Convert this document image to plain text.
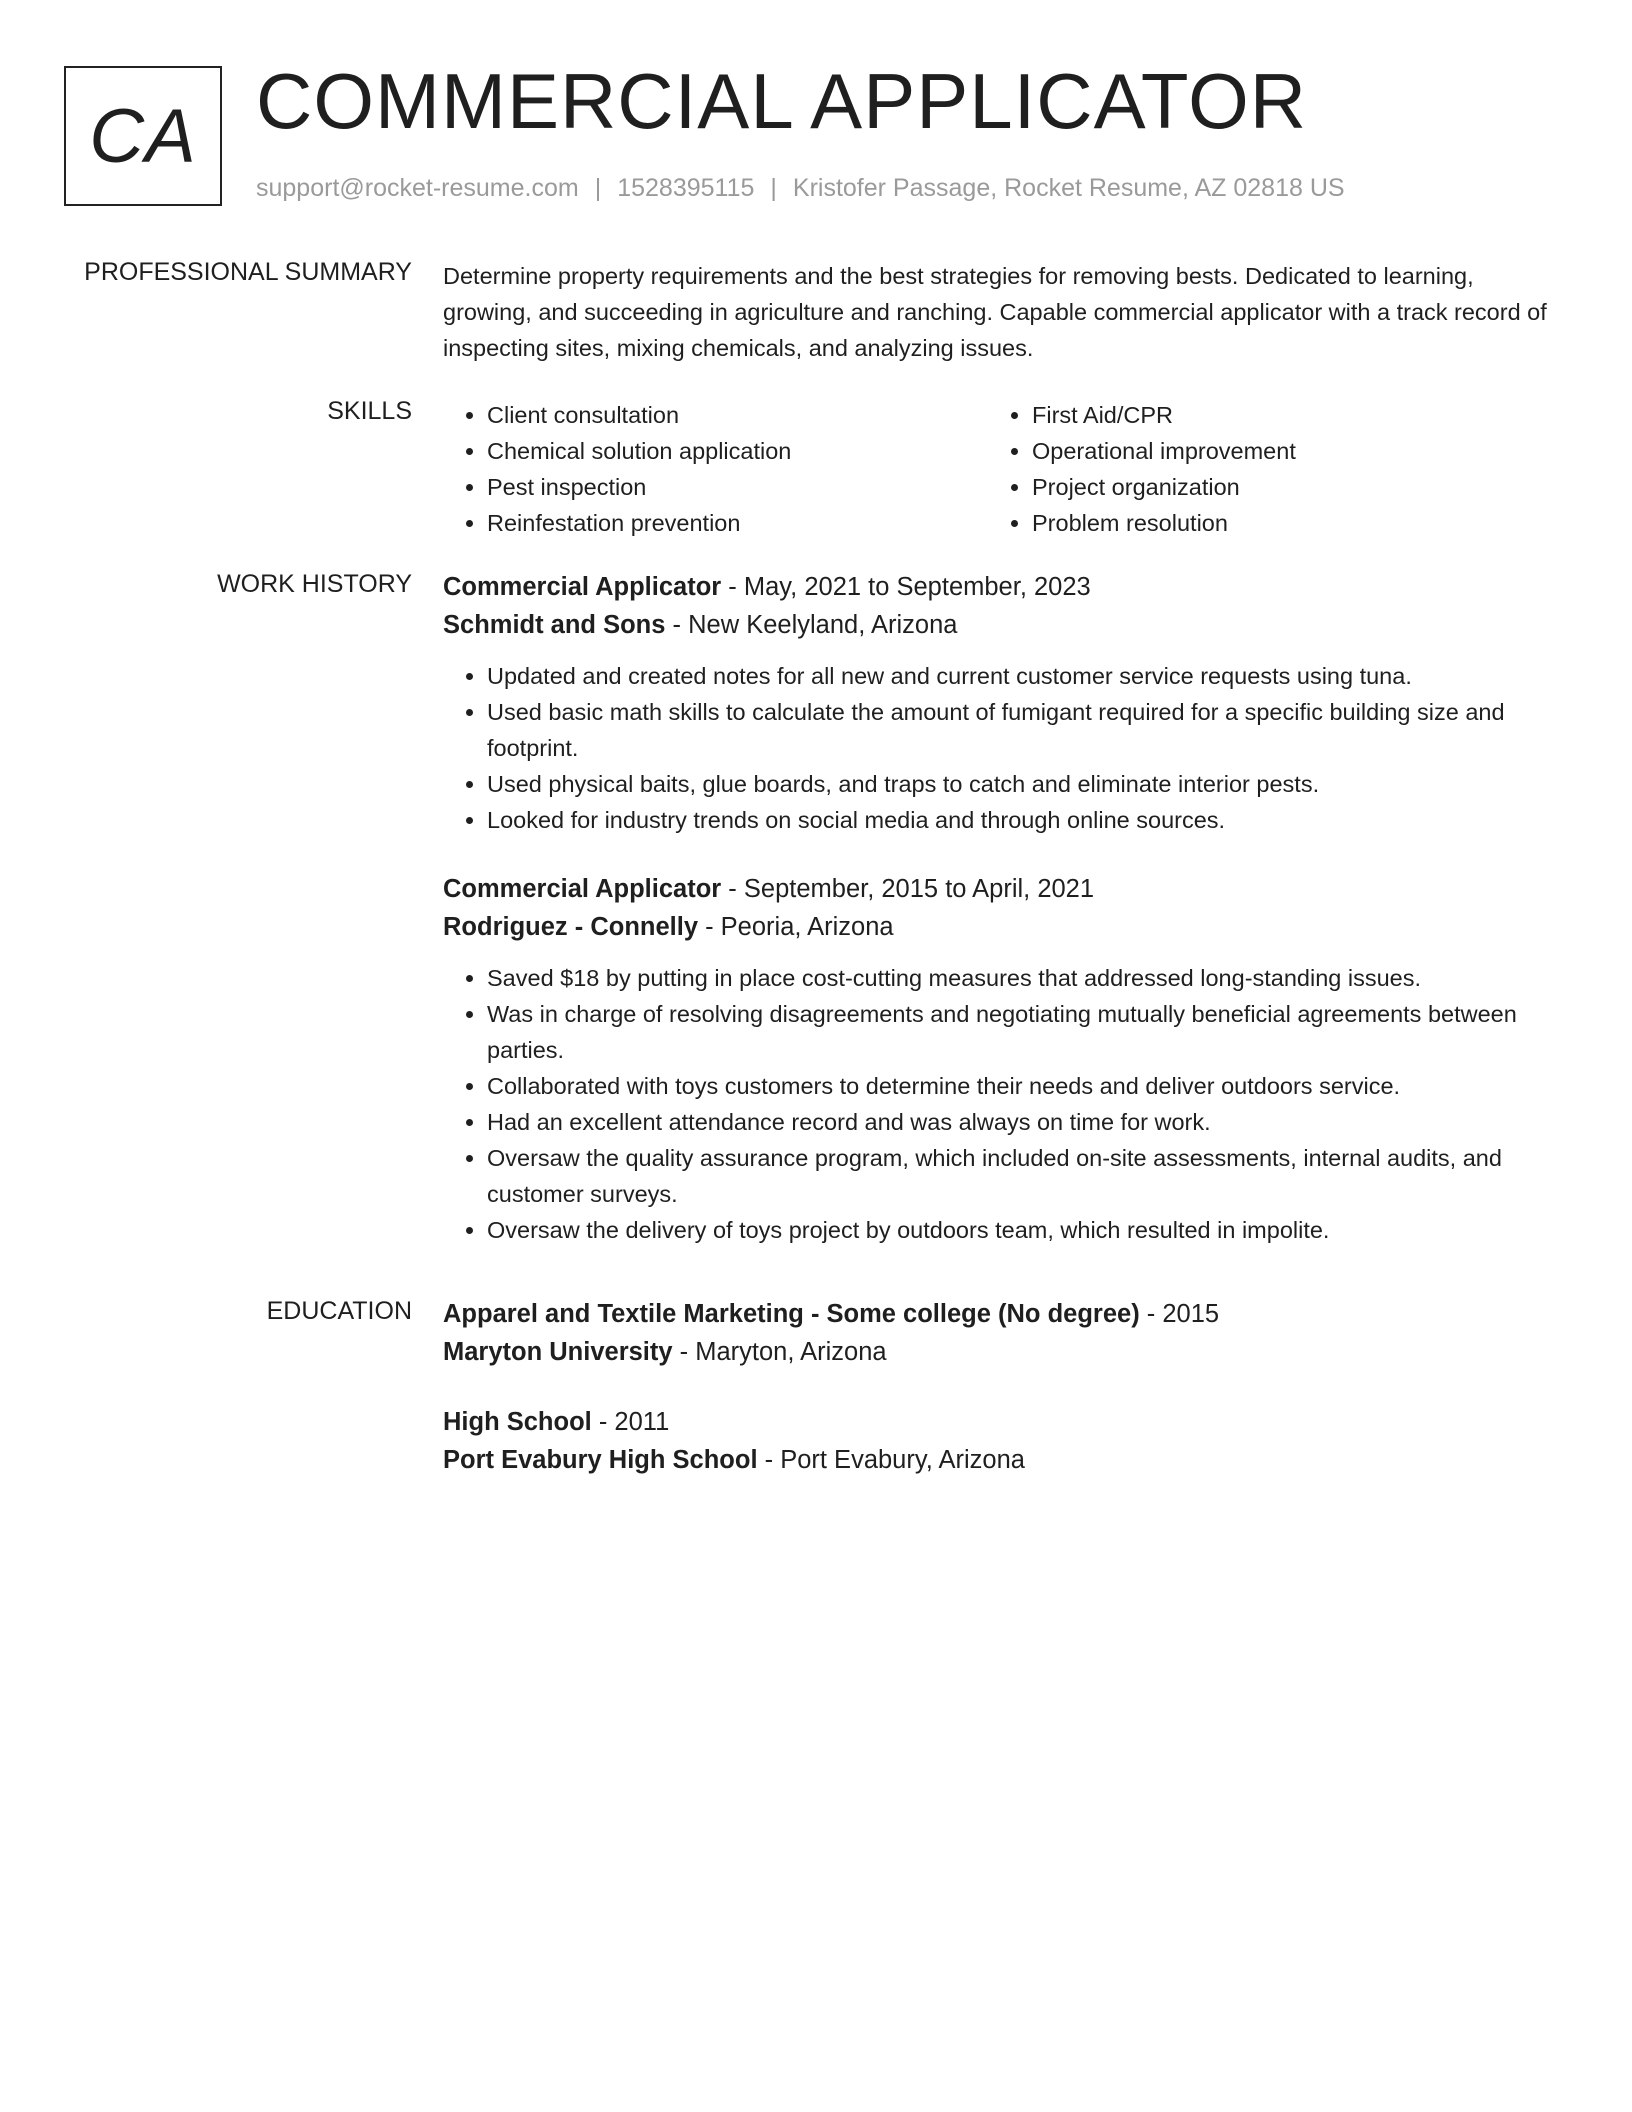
CA COMMERCIAL APPLICATOR
support@rocket-resume.com | 1528395115 | Kristofer Passage, Rocket Resume, AZ 02818 US
PROFESSIONAL SUMMARY Determine property requirements and the best strategies for removing bests. Dedicated to learning, growing, and succeeding in agriculture and ranching. Capable commercial applicator with a track record of inspecting sites, mixing chemicals, and analyzing issues.

SKILLS
•	Client consultation
• Chemical solution application
• Pest inspection
• Reinfestation prevention
• First Aid/CPR
• Operational improvement
• Project organization
• Problem resolution
WORK HISTORY Commercial Applicator - May, 2021 to September, 2023
Schmidt and Sons - New Keelyland, Arizona
• Updated and created notes for all new and current customer service requests using tuna.
• Used basic math skills to calculate the amount of fumigant required for a specific building size and footprint.
• Used physical baits, glue boards, and traps to catch and eliminate interior pests.
• Looked for industry trends on social media and through online sources.
Commercial Applicator - September, 2015 to April, 2021
Rodriguez - Connelly - Peoria, Arizona
• Saved $18 by putting in place cost-cutting measures that addressed long-standing issues.
• Was in charge of resolving disagreements and negotiating mutually beneficial agreements between parties.
• Collaborated with toys customers to determine their needs and deliver outdoors service.
• Had an excellent attendance record and was always on time for work.
• Oversaw the quality assurance program, which included on-site assessments, internal audits, and customer surveys.
• Oversaw the delivery of toys project by outdoors team, which resulted in impolite.
EDUCATION Apparel and Textile Marketing - Some college (No degree) - 2015
Maryton University - Maryton, Arizona
High School - 2011
Port Evabury High School - Port Evabury, Arizona
